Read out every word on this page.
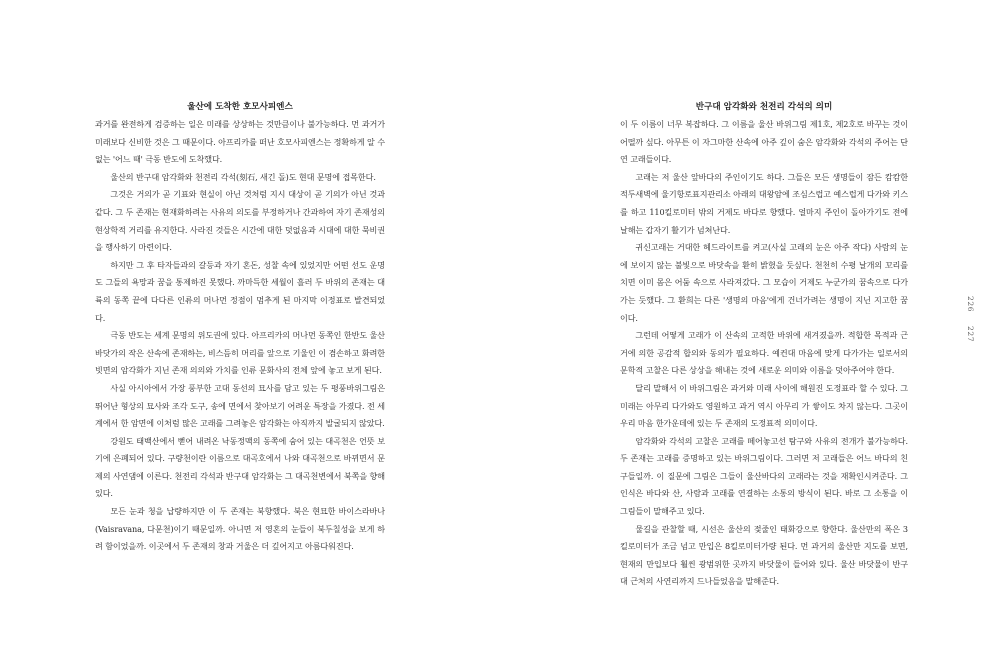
울산에 도착한 호모사피엔스

과거를 완전하게 검증하는 일은 미래를 상상하는 것만큼이나 불가능하다. 먼 과거가 미래보다 신비한 것은 그 때문이다. 아프리카를 떠난 호모사피엔스는 정확하게 알 수 없는 '어느 때' 극동 반도에 도착했다.

울산의 반구대 암각화와 천전리 각석(刻石, 새긴 돌)도 현대 문명에 접목한다.

그것은 거의가 곧 기표와 현실이 아닌 것처럼 지시 대상이 곧 기의가 아닌 것과 같다. 그 두 존재는 현재화하려는 사유의 의도를 부정하거나 간과하여 자기 존재성의 현상학적 거리를 유지한다. 사라진 것들은 시간에 대한 덧없음과 시대에 대한 묵비권을 행사하기 마련이다.

하지만 그 후 타자들과의 갈등과 자기 혼돈, 성찰 속에 있었지만 어떤 선도 운명도 그들의 욕망과 꿈을 통제하진 못했다. 까마득한 세월이 흘러 두 바위의 존재는 대륙의 동쪽 끝에 다다른 인류의 머나먼 정점이 멈추게 된 마지막 이정표로 발견되었다.

극동 반도는 세계 문명의 위도권에 있다. 아프리카의 머나먼 동쪽인 한반도 울산 바닷가의 작은 산속에 존재하는, 비스듬히 머리를 앞으로 기울인 이 겸손하고 화려한 빗면의 암각화가 지닌 존재 의의와 가치를 인류 문화사의 전체 앞에 놓고 보게 된다.

사실 아시아에서 가장 풍부한 고대 동선의 묘사를 담고 있는 두 평풍바위그림은 뛰어난 형상의 묘사와 조각 도구, 송에 면에서 찾아보기 어려운 특장을 가졌다. 전 세계에서 한 암면에 이처럼 많은 고래를 그려놓은 암각화는 아직까지 발굴되지 않았다.

강원도 태백산에서 뻗어 내려온 낙동정맥의 동쪽에 숨어 있는 대곡천은 언뜻 보기에 은폐되어 있다. 구량천이란 이름으로 대곡호에서 나와 대곡천으로 바뀌면서 문제의 사연댐에 이른다. 천전리 각석과 반구대 암각화는 그 대곡천변에서 북쪽을 향해 있다.

모든 눈과 청을 납량하지만 이 두 존재는 북향했다. 북은 현묘한 바이스라바나(Vaisravana, 다문천)이기 때문일까. 아니면 저 영혼의 눈들이 북두칠성을 보게 하려 함이었을까. 이곳에서 두 존재의 창과 거울은 더 깊어지고 아름다워진다.

반구대 암각화와 천전리 각석의 의미

이 두 이름이 너무 복잡하다. 그 이름을 울산 바위그림 제1호, 제2호로 바꾸는 것이 어떨까 싶다. 아무튼 이 자그마한 산속에 아주 깊이 숨은 암각화와 각석의 주어는 단연 고래들이다.

고래는 저 울산 앞바다의 주인이기도 하다. 그들은 모든 생명들이 잠든 캄캄한 적두새벽에 울기항로표지관리소 아래의 대왕암에 조심스럽고 예스럽게 다가와 키스를 하고 110킬로미터 밖의 거제도 바다로 향했다. 얼마지 주인이 돌아가기도 전에 날해는 갑자기 활기가 넘쳐난다.

귀신고래는 거대한 헤드라이트를 켜고(사실 고래의 눈은 아주 작다) 사람의 눈에 보이지 않는 불빛으로 바닷속을 환히 밝혔을 듯싶다. 천천히 수평 날개의 꼬리를 치면 이미 몸은 어둠 속으로 사라져갔다. 그 모습이 거제도 누군가의 꿈속으로 다가가는 듯했다. 그 환희는 다른 '생명의 마음'에게 건너가려는 생명이 지닌 지고한 꿈이다.

그런데 어떻게 고래가 이 산속의 고적한 바위에 새겨졌을까. 적합한 목적과 근거에 의한 공감적 합의와 동의가 필요하다. 예컨대 마음에 맞게 다가가는 일로서의 문학적 고찰은 다른 상상을 해내는 것에 새로운 의미와 이름을 덧아주어야 한다.

달리 말해서 이 바위그림은 과거와 미래 사이에 해원진 도정표라 할 수 있다. 그 미래는 아무리 다가와도 영원하고 과거 역시 아무리 가 쌓이도 차지 않는다. 그곳이 우리 마음 한가운데에 있는 두 존재의 도정표적 의미이다.

암각화와 각석의 고찰은 고래를 떼어놓고선 탐구와 사유의 전개가 불가능하다. 두 존재는 고래를 증명하고 있는 바위그림이다. 그러면 저 고래들은 어느 바다의 친구들일까. 이 질문에 그림은 그들이 울산바다의 고래라는 것을 재확인시켜준다. 그 인식은 바다와 산, 사람과 고래를 연결하는 소통의 방식이 된다. 바로 그 소통을 이 그림들이 말해주고 있다.

물길을 관찰할 때, 시선은 울산의 젖줄인 태화강으로 향한다. 울산만의 폭은 3킬로미터가 조금 넘고 만입은 8킬로미터가량 된다. 먼 과거의 울산만 지도를 보면, 현재의 만입보다 훨씬 광범위한 곳까지 바닷물이 들어와 있다. 울산 바닷물이 반구대 근처의 사연리까지 드나들었음을 말해준다.

226227
